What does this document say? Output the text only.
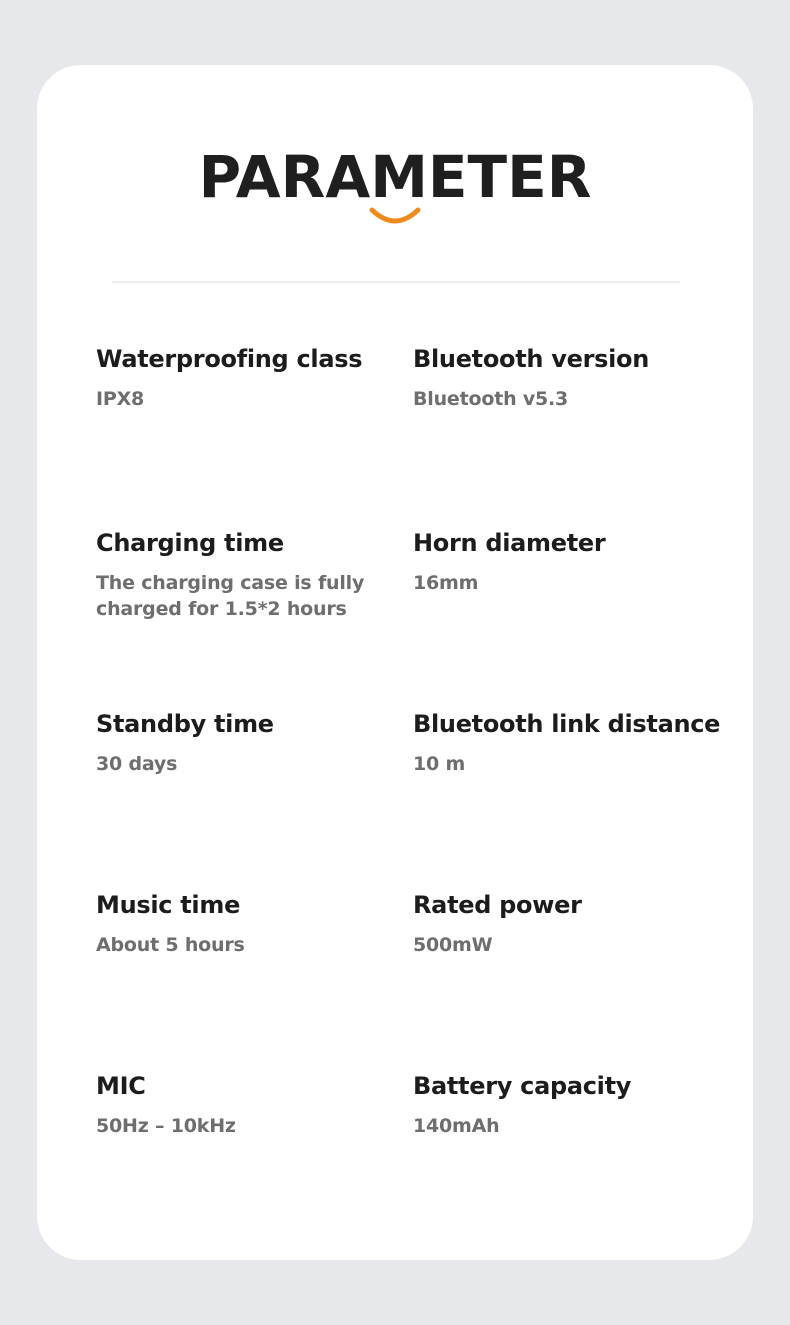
PARAMETER
Waterproofing class
IPX8
Bluetooth version
Bluetooth v5.3
Charging time
The charging case is fully
charged for 1.5*2 hours
Horn diameter
16mm
Standby time
30 days
Bluetooth link distance
10 m
Music time
About 5 hours
Rated power
500mW
MIC
50Hz – 10kHz
Battery capacity
140mAh
